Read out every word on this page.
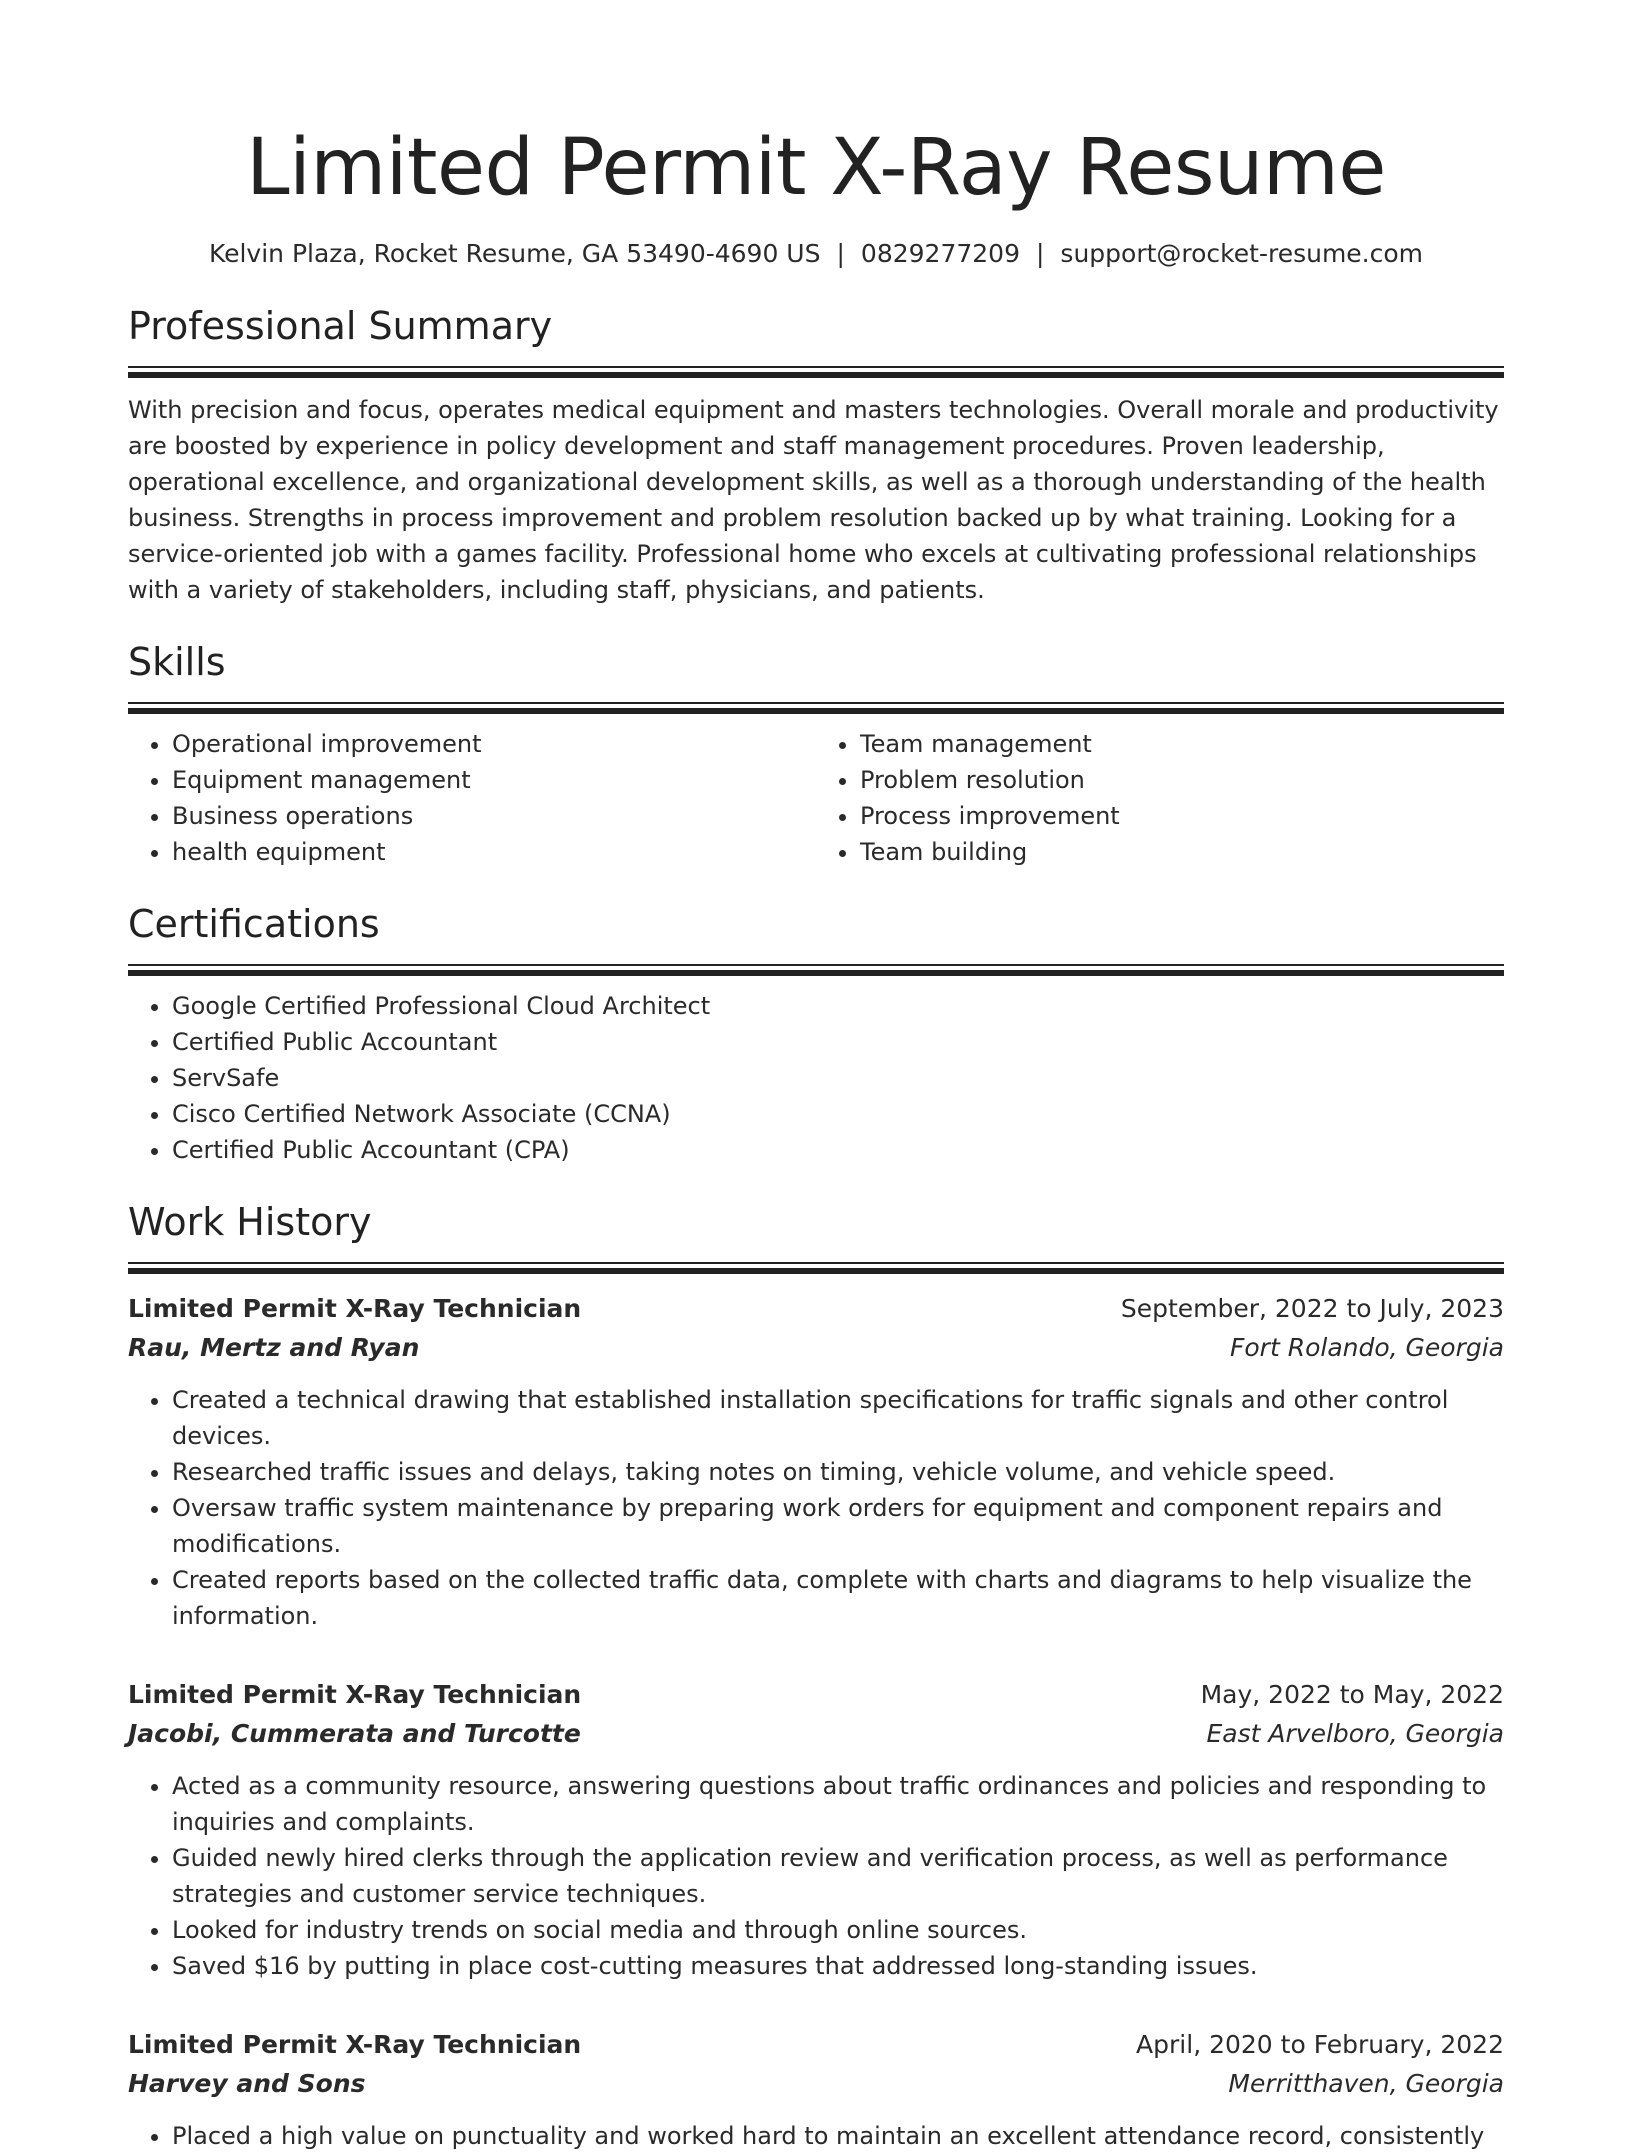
Limited Permit X-Ray Resume
Kelvin Plaza, Rocket Resume, GA 53490-4690 US | 0829277209 | support@rocket-resume.com
Professional Summary

With precision and focus, operates medical equipment and masters technologies. Overall morale and productivity are boosted by experience in policy development and staff management procedures. Proven leadership, operational excellence, and organizational development skills, as well as a thorough understanding of the health business. Strengths in process improvement and problem resolution backed up by what training. Looking for a service-oriented job with a games facility. Professional home who excels at cultivating professional relationships with a variety of stakeholders, including staff, physicians, and patients.

Skills
• Operational improvement
• Equipment management
• Business operations
• health equipment
• Team management
• Problem resolution
• Process improvement
• Team building
Certifications
• Google Certified Professional Cloud Architect
• Certified Public Accountant
• ServSafe
• Cisco Certified Network Associate (CCNA)
• Certified Public Accountant (CPA)
Work History
Limited Permit X-Ray Technician	September, 2022 to July, 2023
Rau, Mertz and Ryan	Fort Rolando, Georgia
• Created a technical drawing that established installation specifications for traffic signals and other control devices.
• Researched traffic issues and delays, taking notes on timing, vehicle volume, and vehicle speed.
• Oversaw traffic system maintenance by preparing work orders for equipment and component repairs and modifications.
• Created reports based on the collected traffic data, complete with charts and diagrams to help visualize the information.
Limited Permit X-Ray Technician	May, 2022 to May, 2022
Jacobi, Cummerata and Turcotte	East Arvelboro, Georgia
• Acted as a community resource, answering questions about traffic ordinances and policies and responding to inquiries and complaints.
• Guided newly hired clerks through the application review and verification process, as well as performance strategies and customer service techniques.
• Looked for industry trends on social media and through online sources.
• Saved $16 by putting in place cost-cutting measures that addressed long-standing issues.
Limited Permit X-Ray Technician	April, 2020 to February, 2022
Harvey and Sons	Merritthaven, Georgia
• Placed a high value on punctuality and worked hard to maintain an excellent attendance record, consistently
